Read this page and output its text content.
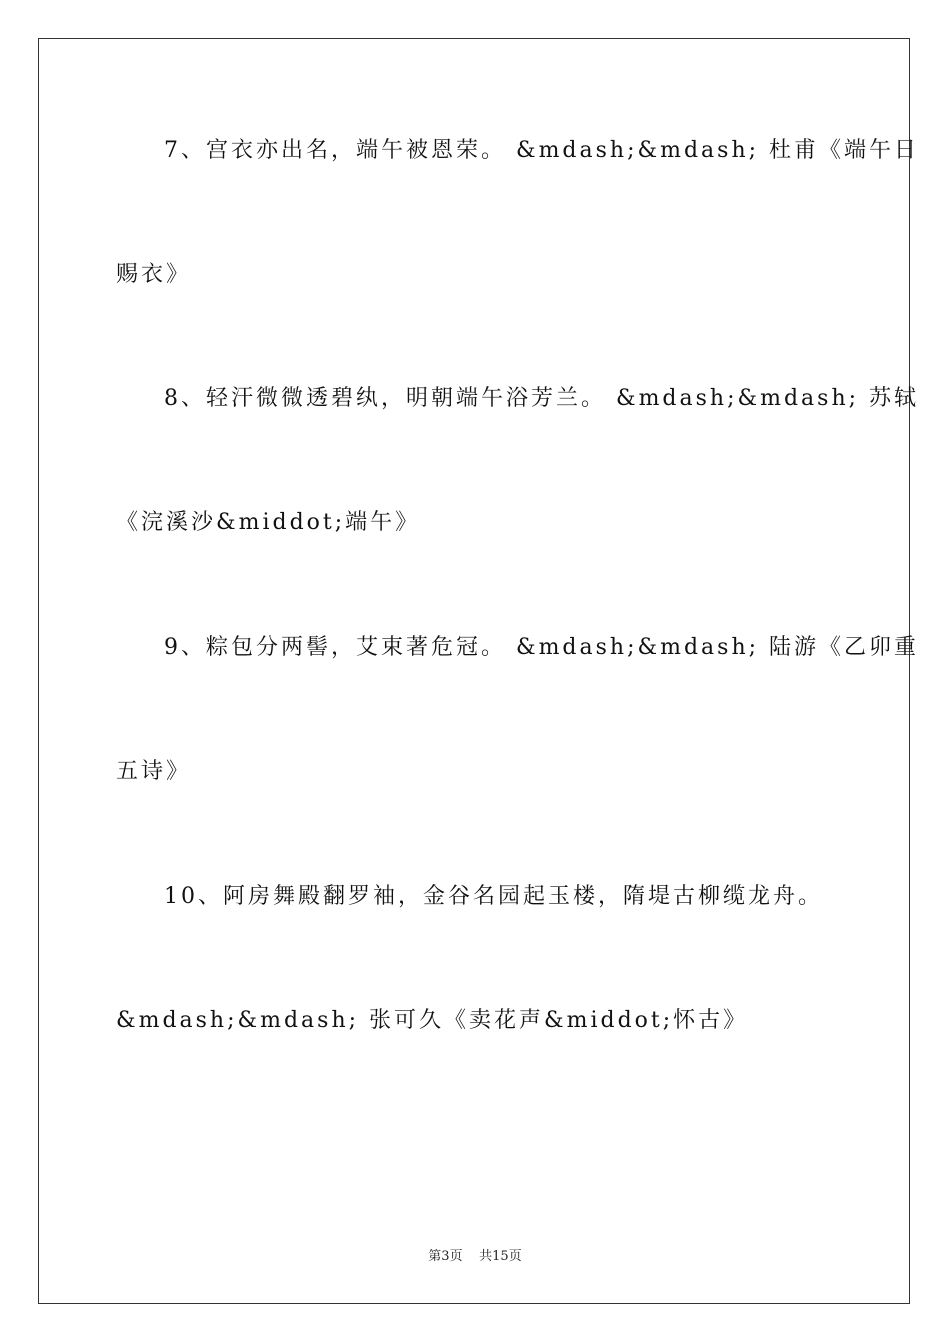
7、宫衣亦出名，端午被恩荣。 &mdash;&mdash; 杜甫《端午日
赐衣》
8、轻汗微微透碧纨，明朝端午浴芳兰。 &mdash;&mdash; 苏轼
《浣溪沙&middot;端午》
9、粽包分两髻，艾束著危冠。 &mdash;&mdash; 陆游《乙卯重
五诗》
10、阿房舞殿翻罗袖，金谷名园起玉楼，隋堤古柳缆龙舟。
&mdash;&mdash; 张可久《卖花声&middot;怀古》
第3页 共15页
